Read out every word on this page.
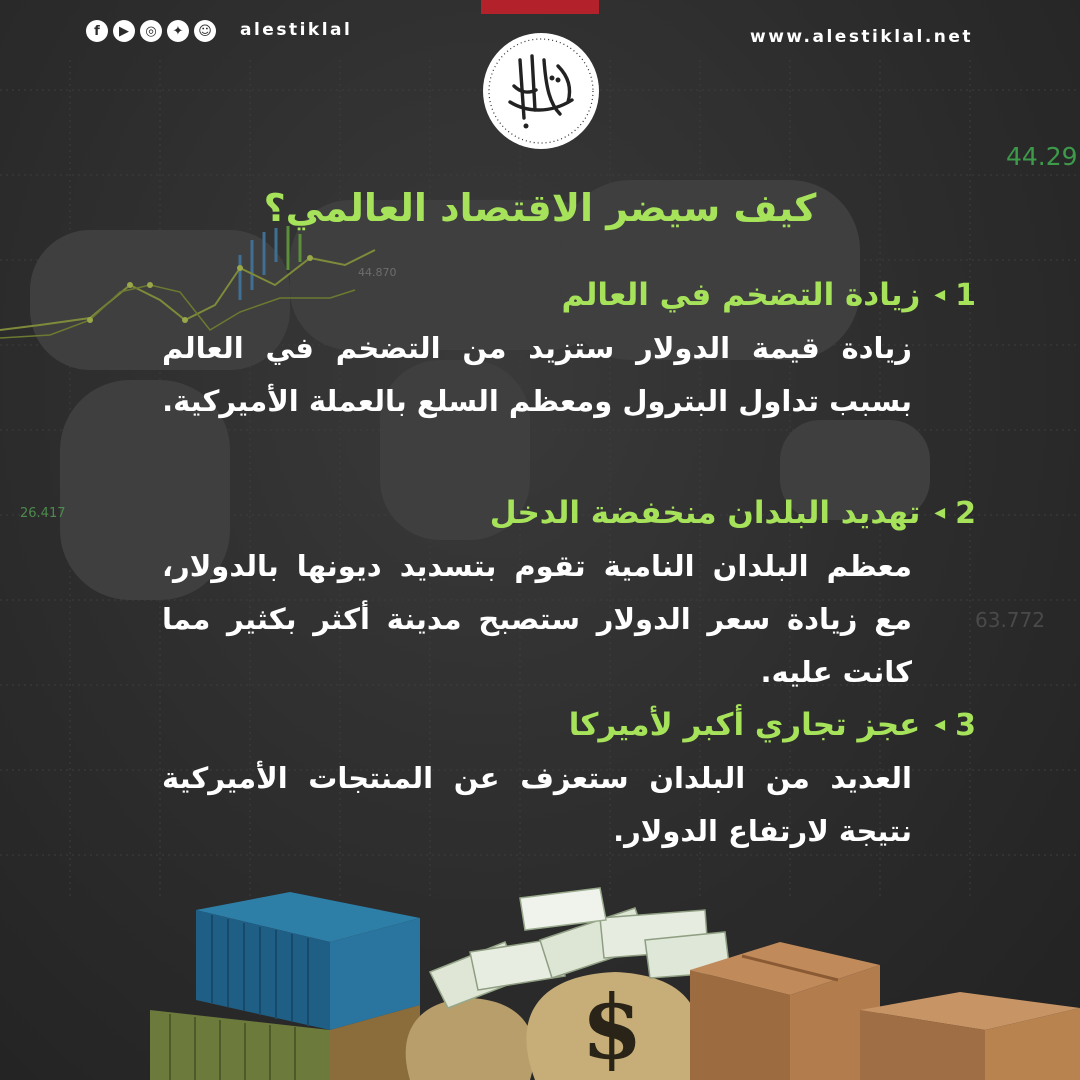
44.29
44.870
26.417
63.772
f	▶	◎	✦	☺ alestiklal	www.alestiklal.net
كيف سيضر الاقتصاد العالمي؟
1
◀
زيادة التضخم في العالم
زيادة قيمة الدولار ستزيد من التضخم في العالم بسبب تداول البترول ومعظم السلع بالعملة الأميركية.
2
◀
تهديد البلدان منخفضة الدخل
معظم البلدان النامية تقوم بتسديد ديونها بالدولار، مع زيادة سعر الدولار ستصبح مدينة أكثر بكثير مما كانت عليه.
3
◀
عجز تجاري أكبر لأميركا
العديد من البلدان ستعزف عن المنتجات الأميركية نتيجة لارتفاع الدولار.
$
